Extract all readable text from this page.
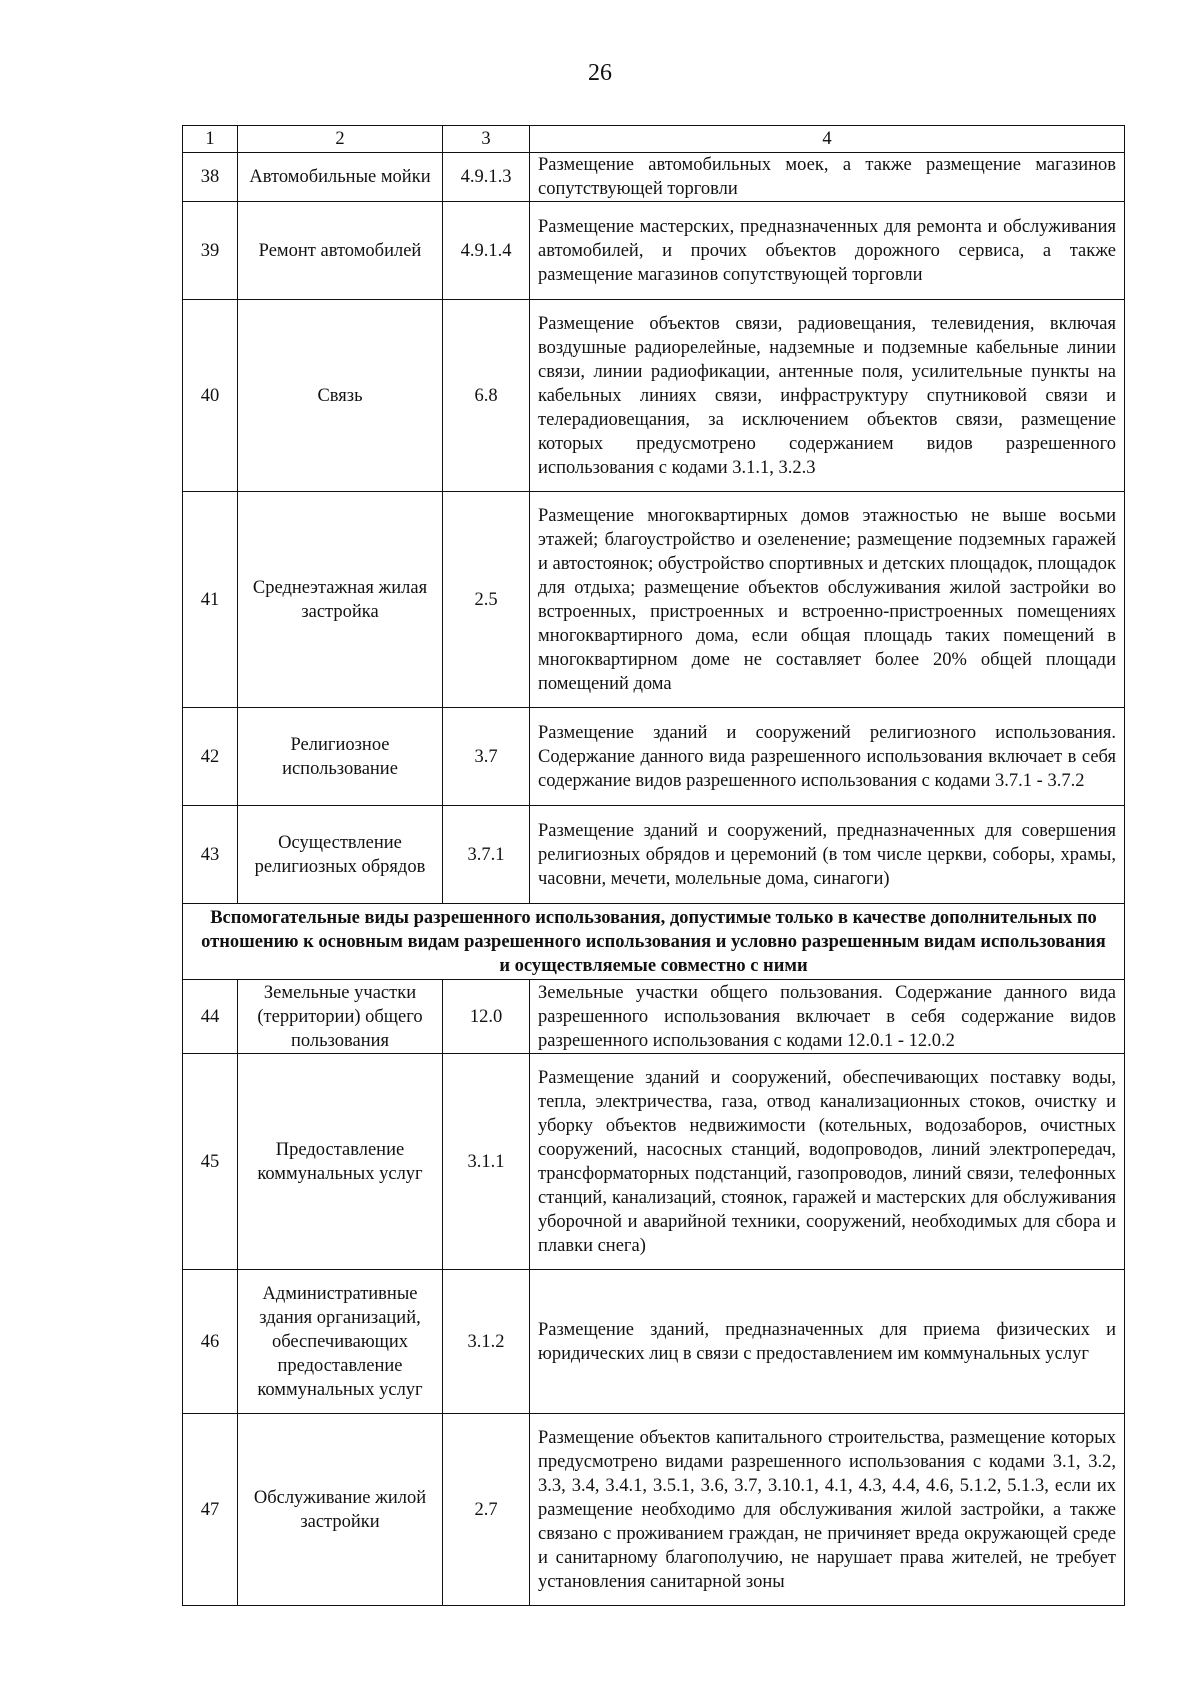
26
1	2	3	4
38	Автомобильные мойки	4.9.1.3	Размещение автомобильных моек, а также размещение магазинов сопутствующей торговли
39	Ремонт автомобилей	4.9.1.4	Размещение мастерских, предназначенных для ремонта и обслуживания автомобилей, и прочих объектов дорожного сервиса, а также размещение магазинов сопутствующей торговли
40	Связь	6.8	Размещение объектов связи, радиовещания, телевидения, включая воздушные радиорелейные, надземные и подземные кабельные линии связи, линии радиофикации, антенные поля, усилительные пункты на кабельных линиях связи, инфраструктуру спутниковой связи и телерадиовещания, за исключением объектов связи, размещение которых предусмотрено содержанием видов разрешенного использования с кодами 3.1.1, 3.2.3
41	Среднеэтажная жилая застройка	2.5	Размещение многоквартирных домов этажностью не выше восьми этажей; благоустройство и озеленение; размещение подземных гаражей и автостоянок; обустройство спортивных и детских площадок, площадок для отдыха; размещение объектов обслуживания жилой застройки во встроенных, пристроенных и встроенно-пристроенных помещениях многоквартирного дома, если общая площадь таких помещений в многоквартирном доме не составляет более 20% общей площади помещений дома
42	Религиозное использование	3.7	Размещение зданий и сооружений религиозного использования. Содержание данного вида разрешенного использования включает в себя содержание видов разрешенного использования с кодами 3.7.1 - 3.7.2
43	Осуществление религиозных обрядов	3.7.1	Размещение зданий и сооружений, предназначенных для совершения религиозных обрядов и церемоний (в том числе церкви, соборы, храмы, часовни, мечети, молельные дома, синагоги)
Вспомогательные виды разрешенного использования, допустимые только в качестве дополнительных по отношению к основным видам разрешенного использования и условно разрешенным видам использования и осуществляемые совместно с ними			
44	Земельные участки (территории) общего пользования	12.0	Земельные участки общего пользования. Содержание данного вида разрешенного использования включает в себя содержание видов разрешенного использования с кодами 12.0.1 - 12.0.2
45	Предоставление коммунальных услуг	3.1.1	Размещение зданий и сооружений, обеспечивающих поставку воды, тепла, электричества, газа, отвод канализационных стоков, очистку и уборку объектов недвижимости (котельных, водозаборов, очистных сооружений, насосных станций, водопроводов, линий электропередач, трансформаторных подстанций, газопроводов, линий связи, телефонных станций, канализаций, стоянок, гаражей и мастерских для обслуживания уборочной и аварийной техники, сооружений, необходимых для сбора и плавки снега)
46	Административные здания организаций, обеспечивающих предоставление коммунальных услуг	3.1.2	Размещение зданий, предназначенных для приема физических и юридических лиц в связи с предоставлением им коммунальных услуг
47	Обслуживание жилой застройки	2.7	Размещение объектов капитального строительства, размещение которых предусмотрено видами разрешенного использования с кодами 3.1, 3.2, 3.3, 3.4, 3.4.1, 3.5.1, 3.6, 3.7, 3.10.1, 4.1, 4.3, 4.4, 4.6, 5.1.2, 5.1.3, если их размещение необходимо для обслуживания жилой застройки, а также связано с проживанием граждан, не причиняет вреда окружающей среде и санитарному благополучию, не нарушает права жителей, не требует установления санитарной зоны
